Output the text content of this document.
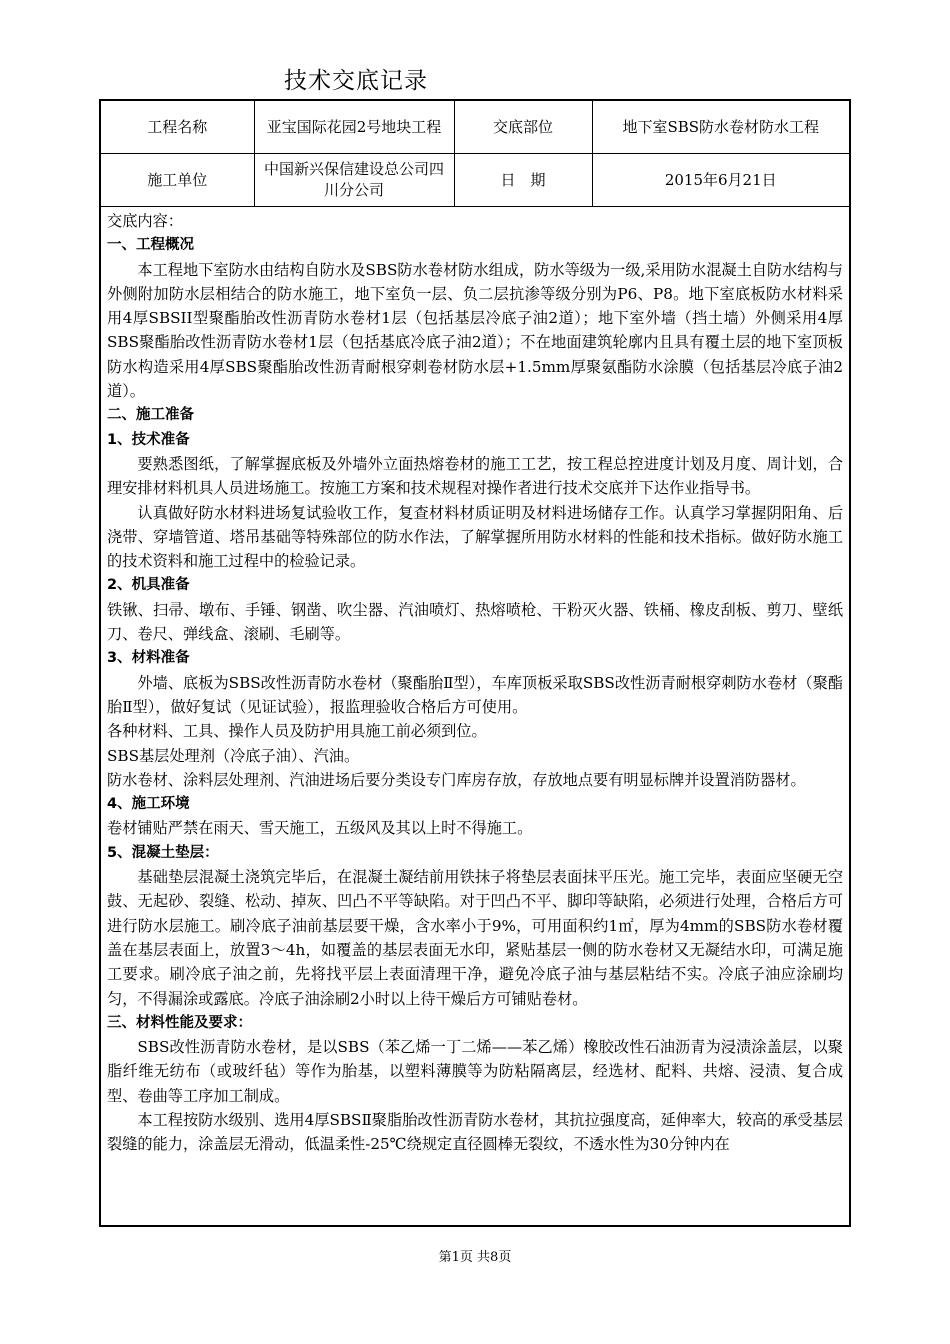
技术交底记录
工程名称	亚宝国际花园2号地块工程	交底部位	地下室SBS防水卷材防水工程
施工单位	中国新兴保信建设总公司四川分公司	日　期	2015年6月21日

交底内容：

一、工程概况

本工程地下室防水由结构自防水及SBS防水卷材防水组成，防水等级为一级,采用防水混凝土自防水结构与外侧附加防水层相结合的防水施工，地下室负一层、负二层抗渗等级分别为P6、P8。地下室底板防水材料采用4厚SBSII型聚酯胎改性沥青防水卷材1层（包括基层冷底子油2道）；地下室外墙（挡土墙）外侧采用4厚SBS聚酯胎改性沥青防水卷材1层（包括基底冷底子油2道）；不在地面建筑轮廓内且具有覆土层的地下室顶板防水构造采用4厚SBS聚酯胎改性沥青耐根穿刺卷材防水层+1.5mm厚聚氨酯防水涂膜（包括基层冷底子油2道）。

二、施工准备

1、技术准备

要熟悉图纸，了解掌握底板及外墙外立面热熔卷材的施工工艺，按工程总控进度计划及月度、周计划，合理安排材料机具人员进场施工。按施工方案和技术规程对操作者进行技术交底并下达作业指导书。

认真做好防水材料进场复试验收工作，复查材料材质证明及材料进场储存工作。认真学习掌握阴阳角、后浇带、穿墙管道、塔吊基础等特殊部位的防水作法，了解掌握所用防水材料的性能和技术指标。做好防水施工的技术资料和施工过程中的检验记录。

2、机具准备

铁锹、扫帚、墩布、手锤、钢凿、吹尘器、汽油喷灯、热熔喷枪、干粉灭火器、铁桶、橡皮刮板、剪刀、壁纸刀、卷尺、弹线盒、滚刷、毛刷等。

3、材料准备

外墙、底板为SBS改性沥青防水卷材（聚酯胎Ⅱ型），车库顶板采取SBS改性沥青耐根穿刺防水卷材（聚酯胎Ⅱ型），做好复试（见证试验），报监理验收合格后方可使用。

各种材料、工具、操作人员及防护用具施工前必须到位。

SBS基层处理剂（冷底子油）、汽油。

防水卷材、涂料层处理剂、汽油进场后要分类设专门库房存放，存放地点要有明显标牌并设置消防器材。

4、施工环境

卷材铺贴严禁在雨天、雪天施工，五级风及其以上时不得施工。

5、混凝土垫层：

基础垫层混凝土浇筑完毕后，在混凝土凝结前用铁抹子将垫层表面抹平压光。施工完毕，表面应坚硬无空鼓、无起砂、裂缝、松动、掉灰、凹凸不平等缺陷。对于凹凸不平、脚印等缺陷，必须进行处理，合格后方可进行防水层施工。刷冷底子油前基层要干燥，含水率小于9%，可用面积约1㎡，厚为4mm的SBS防水卷材覆盖在基层表面上，放置3～4h，如覆盖的基层表面无水印，紧贴基层一侧的防水卷材又无凝结水印，可满足施工要求。刷冷底子油之前，先将找平层上表面清理干净，避免冷底子油与基层粘结不实。冷底子油应涂刷均匀，不得漏涂或露底。冷底子油涂刷2小时以上待干燥后方可铺贴卷材。

三、材料性能及要求：

SBS改性沥青防水卷材，是以SBS（苯乙烯一丁二烯——苯乙烯）橡胶改性石油沥青为浸渍涂盖层，以聚脂纤维无纺布（或玻纤毡）等作为胎基，以塑料薄膜等为防粘隔离层，经选材、配料、共熔、浸渍、复合成型、卷曲等工序加工制成。

本工程按防水级别、选用4厚SBSⅡ聚脂胎改性沥青防水卷材，其抗拉强度高，延伸率大，较高的承受基层裂缝的能力，涂盖层无滑动，低温柔性-25℃绕规定直径圆棒无裂纹，不透水性为30分钟内在

第1页 共8页
